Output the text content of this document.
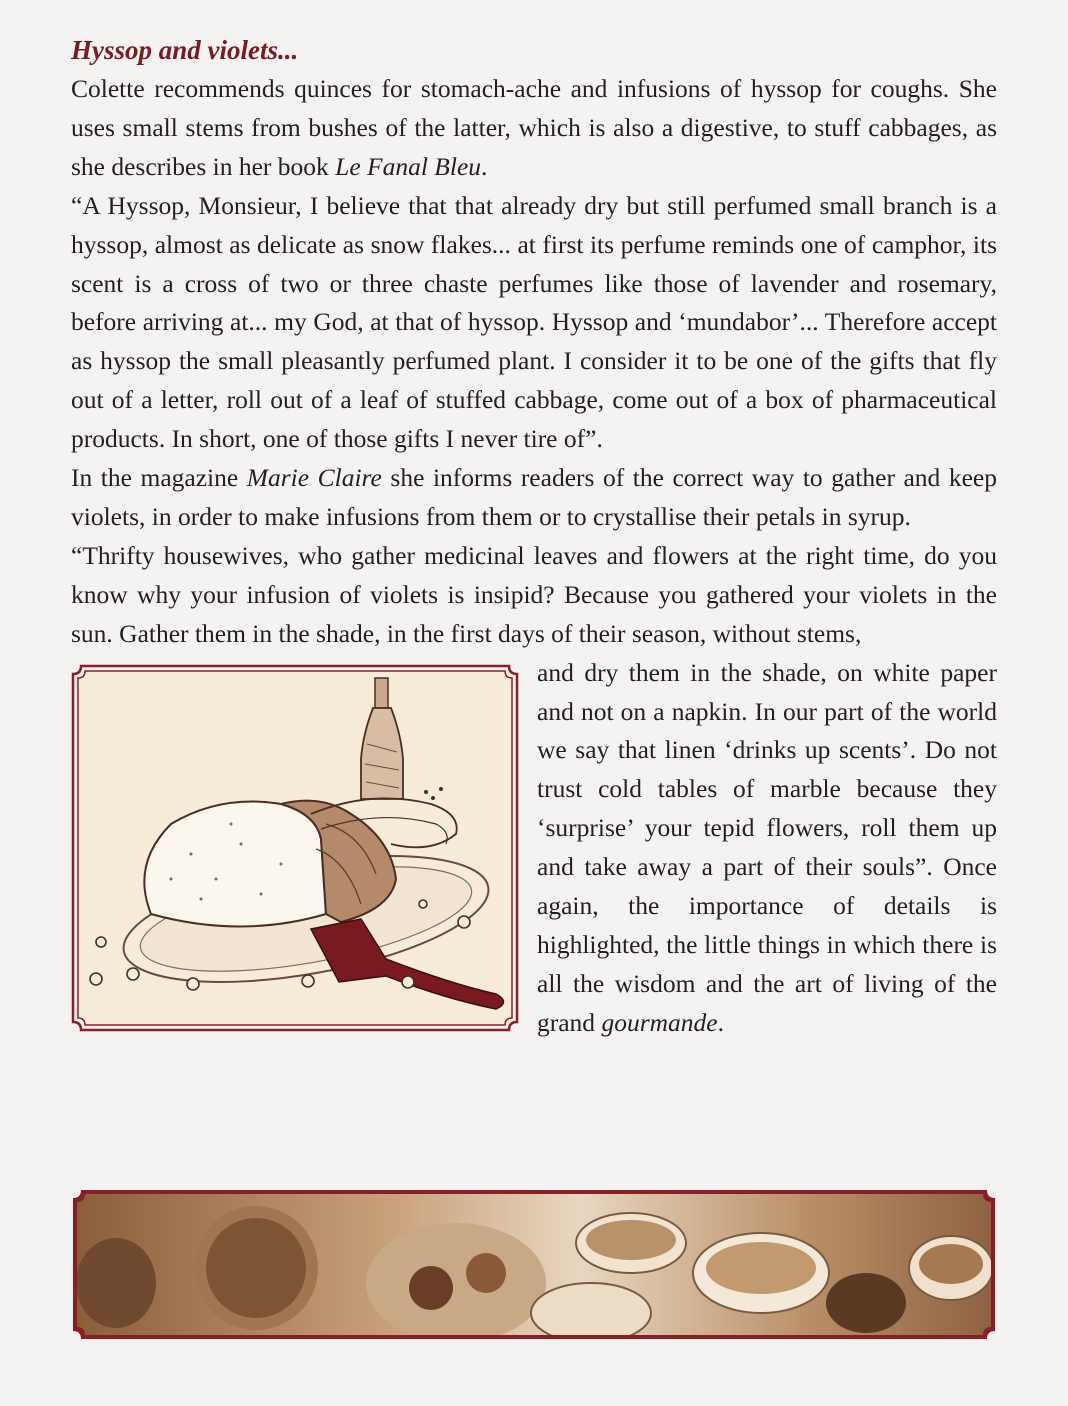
Hyssop and violets...

Colette recommends quinces for stomach-ache and infusions of hyssop for coughs. She uses small stems from bushes of the latter, which is also a digestive, to stuff cabbages, as she describes in her book Le Fanal Bleu.

“A Hyssop, Monsieur, I believe that that already dry but still perfumed small branch is a hyssop, almost as delicate as snow flakes... at first its perfume reminds one of camphor, its scent is a cross of two or three chaste perfumes like those of lavender and rosemary, before arriving at... my God, at that of hyssop. Hyssop and ‘mundabor’... Therefore accept as hyssop the small pleasantly perfumed plant. I consider it to be one of the gifts that fly out of a letter, roll out of a leaf of stuffed cabbage, come out of a box of pharmaceutical products. In short, one of those gifts I never tire of”.

In the magazine Marie Claire she informs readers of the correct way to gather and keep violets, in order to make infusions from them or to crystallise their petals in syrup.

“Thrifty housewives, who gather medicinal leaves and flowers at the right time, do you know why your infusion of violets is insipid? Because you gathered your violets in the sun. Gather them in the shade, in the first days of their season, without stems,

and dry them in the shade, on white paper and not on a napkin. In our part of the world we say that linen ‘drinks up scents’. Do not trust cold tables of marble because they ‘surprise’ your tepid flowers, roll them up and take away a part of their souls”. Once again, the importance of details is highlighted, the little things in which there is all the wisdom and the art of living of the grand gourmande.
